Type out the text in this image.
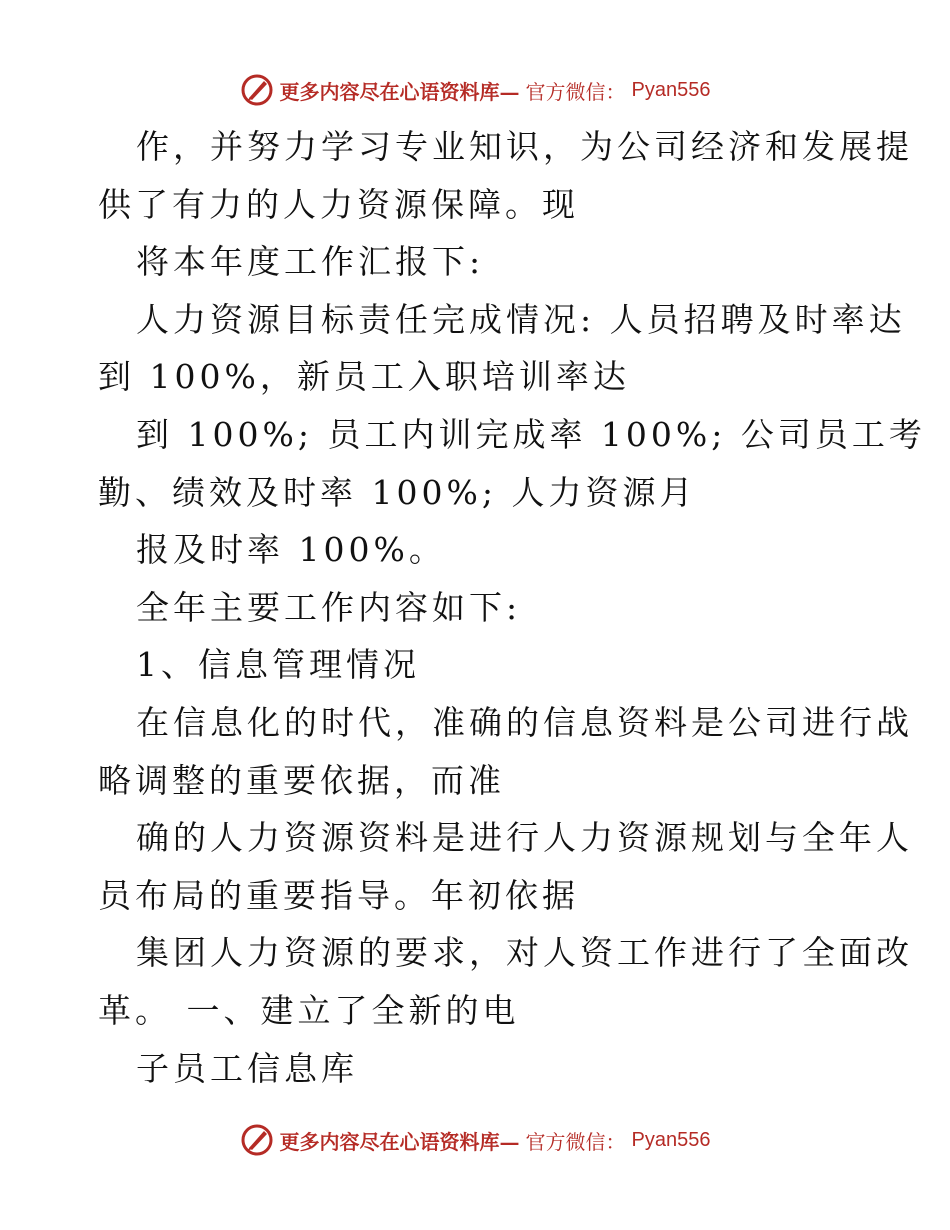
更多内容尽在心语资料库— 官方微信： Pyan556
作，并努力学习专业知识，为公司经济和发展提
供了有力的人力资源保障。现
将本年度工作汇报下:
人力资源目标责任完成情况: 人员招聘及时率达
到 100%，新员工入职培训率达
到 100%; 员工内训完成率 100%; 公司员工考
勤、绩效及时率 100%; 人力资源月
报及时率 100%。
全年主要工作内容如下:
1、信息管理情况
在信息化的时代，准确的信息资料是公司进行战
略调整的重要依据，而准
确的人力资源资料是进行人力资源规划与全年人
员布局的重要指导。年初依据
集团人力资源的要求，对人资工作进行了全面改
革。 一、建立了全新的电
子员工信息库
更多内容尽在心语资料库— 官方微信： Pyan556
